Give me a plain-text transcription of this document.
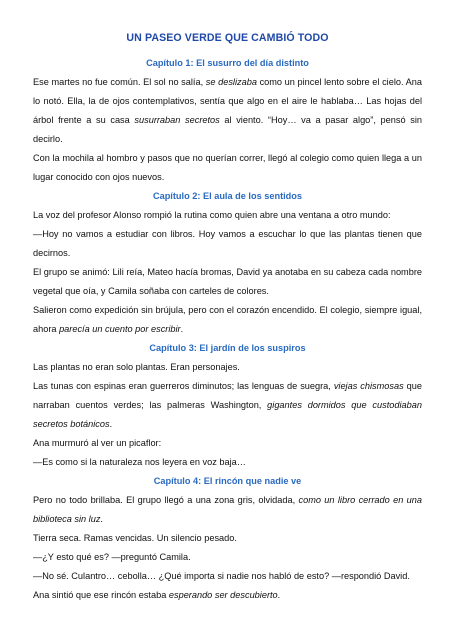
UN PASEO VERDE QUE CAMBIÓ TODO
Capítulo 1: El susurro del día distinto

Ese martes no fue común. El sol no salía, se deslizaba como un pincel lento sobre el cielo. Ana lo notó. Ella, la de ojos contemplativos, sentía que algo en el aire le hablaba… Las hojas del árbol frente a su casa susurraban secretos al viento. “Hoy… va a pasar algo”, pensó sin decirlo.

Con la mochila al hombro y pasos que no querían correr, llegó al colegio como quien llega a un lugar conocido con ojos nuevos.

Capítulo 2: El aula de los sentidos

La voz del profesor Alonso rompió la rutina como quien abre una ventana a otro mundo:

—Hoy no vamos a estudiar con libros. Hoy vamos a escuchar lo que las plantas tienen que decirnos.

El grupo se animó: Lili reía, Mateo hacía bromas, David ya anotaba en su cabeza cada nombre vegetal que oía, y Camila soñaba con carteles de colores.

Salieron como expedición sin brújula, pero con el corazón encendido. El colegio, siempre igual, ahora parecía un cuento por escribir.

Capítulo 3: El jardín de los suspiros

Las plantas no eran solo plantas. Eran personajes.

Las tunas con espinas eran guerreros diminutos; las lenguas de suegra, viejas chismosas que narraban cuentos verdes; las palmeras Washington, gigantes dormidos que custodiaban secretos botánicos.

Ana murmuró al ver un picaflor:

—Es como si la naturaleza nos leyera en voz baja…

Capítulo 4: El rincón que nadie ve

Pero no todo brillaba. El grupo llegó a una zona gris, olvidada, como un libro cerrado en una biblioteca sin luz.

Tierra seca. Ramas vencidas. Un silencio pesado.

—¿Y esto qué es? —preguntó Camila.

—No sé. Culantro… cebolla… ¿Qué importa si nadie nos habló de esto? —respondió David.

Ana sintió que ese rincón estaba esperando ser descubierto.
